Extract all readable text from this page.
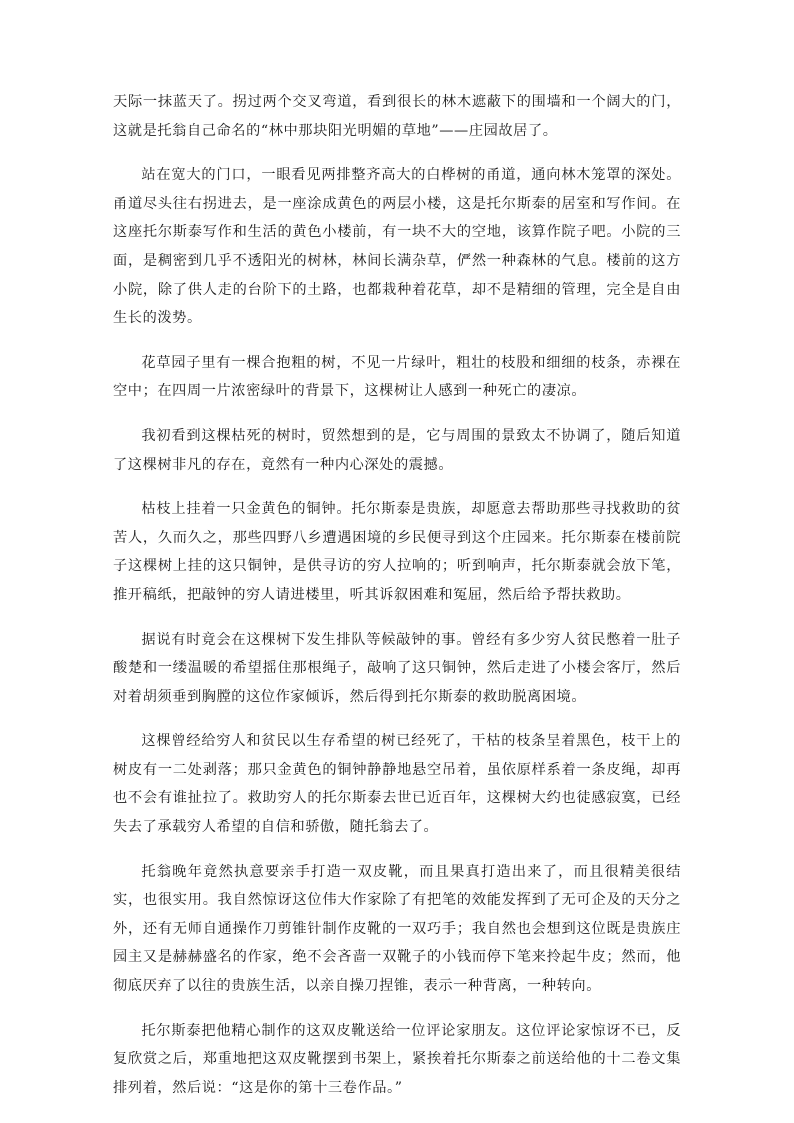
天际一抹蓝天了。拐过两个交叉弯道，看到很长的林木遮蔽下的围墙和一个阔大的门，这就是托翁自己命名的“林中那块阳光明媚的草地”——庄园故居了。

站在宽大的门口，一眼看见两排整齐高大的白桦树的甬道，通向林木笼罩的深处。甬道尽头往右拐进去，是一座涂成黄色的两层小楼，这是托尔斯泰的居室和写作间。在这座托尔斯泰写作和生活的黄色小楼前，有一块不大的空地，该算作院子吧。小院的三面，是稠密到几乎不透阳光的树林，林间长满杂草，俨然一种森林的气息。楼前的这方小院，除了供人走的台阶下的土路，也都栽种着花草，却不是精细的管理，完全是自由生长的泼势。

花草园子里有一棵合抱粗的树，不见一片绿叶，粗壮的枝股和细细的枝条，赤裸在空中；在四周一片浓密绿叶的背景下，这棵树让人感到一种死亡的凄凉。

我初看到这棵枯死的树时，贸然想到的是，它与周围的景致太不协调了，随后知道了这棵树非凡的存在，竟然有一种内心深处的震撼。

枯枝上挂着一只金黄色的铜钟。托尔斯泰是贵族，却愿意去帮助那些寻找救助的贫苦人，久而久之，那些四野八乡遭遇困境的乡民便寻到这个庄园来。托尔斯泰在楼前院子这棵树上挂的这只铜钟，是供寻访的穷人拉响的；听到响声，托尔斯泰就会放下笔，推开稿纸，把敲钟的穷人请进楼里，听其诉叙困难和冤屈，然后给予帮扶救助。

据说有时竟会在这棵树下发生排队等候敲钟的事。曾经有多少穷人贫民憋着一肚子酸楚和一缕温暖的希望摇住那根绳子，敲响了这只铜钟，然后走进了小楼会客厅，然后对着胡须垂到胸膛的这位作家倾诉，然后得到托尔斯泰的救助脱离困境。

这棵曾经给穷人和贫民以生存希望的树已经死了，干枯的枝条呈着黑色，枝干上的树皮有一二处剥落；那只金黄色的铜钟静静地悬空吊着，虽依原样系着一条皮绳，却再也不会有谁扯拉了。救助穷人的托尔斯泰去世已近百年，这棵树大约也徒感寂寞，已经失去了承载穷人希望的自信和骄傲，随托翁去了。

托翁晚年竟然执意要亲手打造一双皮靴，而且果真打造出来了，而且很精美很结实，也很实用。我自然惊讶这位伟大作家除了有把笔的效能发挥到了无可企及的天分之外，还有无师自通操作刀剪锥针制作皮靴的一双巧手；我自然也会想到这位既是贵族庄园主又是赫赫盛名的作家，绝不会吝啬一双靴子的小钱而停下笔来拎起牛皮；然而，他彻底厌弃了以往的贵族生活，以亲自操刀捏锥，表示一种背离，一种转向。

托尔斯泰把他精心制作的这双皮靴送给一位评论家朋友。这位评论家惊讶不已，反复欣赏之后，郑重地把这双皮靴摆到书架上，紧挨着托尔斯泰之前送给他的十二卷文集排列着，然后说：“这是你的第十三卷作品。”
